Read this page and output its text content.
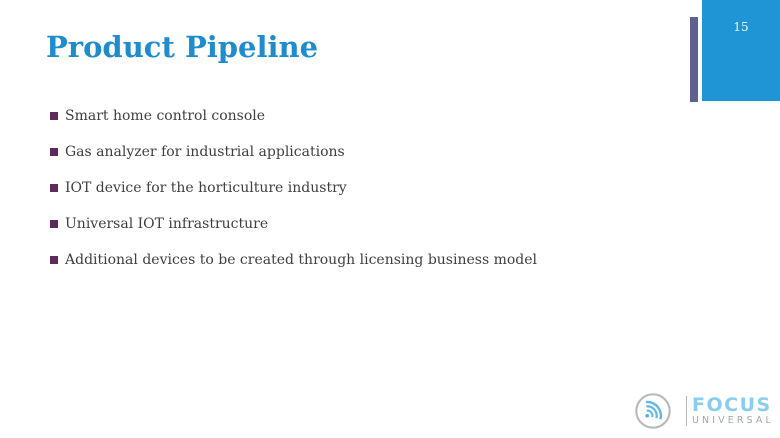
Product Pipeline
15
Smart home control console
Gas analyzer for industrial applications
IOT device for the horticulture industry
Universal IOT infrastructure
Additional devices to be created through licensing business model
FOCUS
UNIVERSAL
